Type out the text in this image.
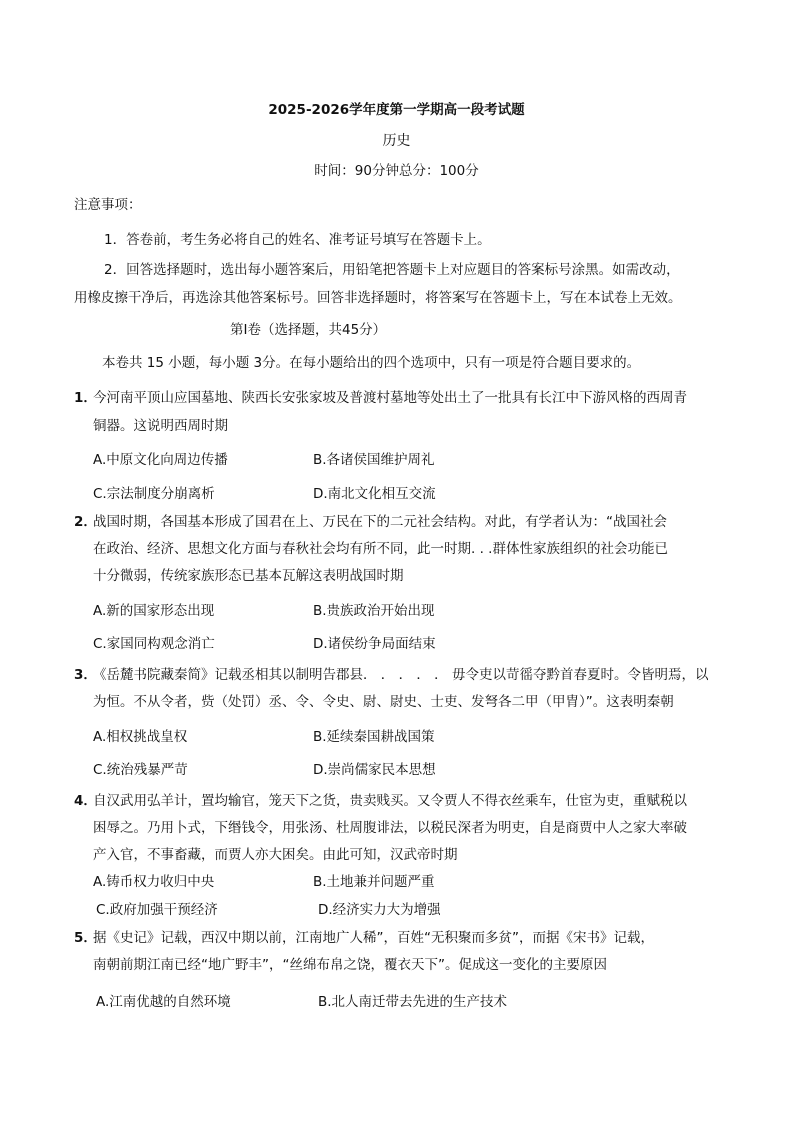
2025-2026学年度第一学期高一段考试题
历史
时间：90分钟总分：100分
注意事项：
1．答卷前，考生务必将自己的姓名、准考证号填写在答题卡上。
2．回答选择题时，选出每小题答案后，用铅笔把答题卡上对应题目的答案标号涂黑。如需改动，
用橡皮擦干净后，再选涂其他答案标号。回答非选择题时，将答案写在答题卡上，写在本试卷上无效。
第Ⅰ卷（选择题，共45分）
本卷共 15 小题，每小题 3分。在每小题给出的四个选项中，只有一项是符合题目要求的。
1．
今河南平顶山应国墓地、陕西长安张家坡及普渡村墓地等处出土了一批具有长江中下游风格的西周青
铜器。这说明西周时期
A.中原文化向周边传播	B.各诸侯国维护周礼
C.宗法制度分崩离析	D.南北文化相互交流
2．
战国时期，各国基本形成了国君在上、万民在下的二元社会结构。对此，有学者认为：“战国社会
在政治、经济、思想文化方面与春秋社会均有所不同，此一时期. . .群体性家族组织的社会功能已
十分微弱，传统家族形态已基本瓦解这表明战国时期
A.新的国家形态出现	B.贵族政治开始出现
C.家国同构观念消亡	D.诸侯纷争局面结束
3．
《岳麓书院藏秦简》记载丞相其以制明告郡县． ． ． ． ． 毋令吏以苛徭夺黔首春夏时。令皆明焉，以
为恒。不从令者，赀（处罚）丞、令、令史、尉、尉史、士吏、发弩各二甲（甲胄）”。这表明秦朝
A.相权挑战皇权	B.延续秦国耕战国策
C.统治残暴严苛	D.崇尚儒家民本思想
4．
自汉武用弘羊计，置均输官，笼天下之货，贵卖贱买。又令贾人不得衣丝乘车，仕宦为吏，重赋税以
困辱之。乃用卜式，下缗钱令，用张汤、杜周腹诽法，以税民深者为明吏，自是商贾中人之家大率破
产入官，不事畜藏，而贾人亦大困矣。由此可知，汉武帝时期
A.铸币权力收归中央	B.土地兼并问题严重
C.政府加强干预经济	D.经济实力大为增强
5．
据《史记》记载，西汉中期以前，江南地广人稀”，百姓“无积聚而多贫”，而据《宋书》记载，
南朝前期江南已经“地广野丰”，“丝绵布帛之饶，覆衣天下”。促成这一变化的主要原因
A.江南优越的自然环境	B.北人南迁带去先进的生产技术
